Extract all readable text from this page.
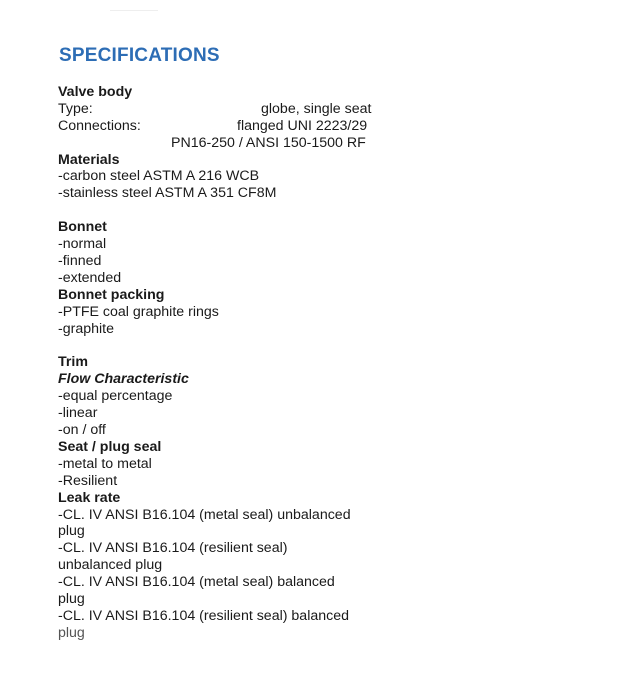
SPECIFICATIONS
Valve body
Type:	globe, single seat
Connections:	flanged UNI 2223/29
PN16-250 / ANSI 150-1500 RF
Materials
-carbon steel ASTM A 216 WCB
-stainless steel ASTM A 351 CF8M
Bonnet
-normal
-finned
-extended
Bonnet packing
-PTFE coal graphite rings
-graphite
Trim
Flow Characteristic
-equal percentage
-linear
-on / off
Seat / plug seal
-metal to metal
-Resilient
Leak rate
-CL. IV ANSI B16.104 (metal seal) unbalanced
plug
-CL. IV ANSI B16.104 (resilient seal)
unbalanced plug
-CL. IV ANSI B16.104 (metal seal) balanced
plug
-CL. IV ANSI B16.104 (resilient seal) balanced
plug
